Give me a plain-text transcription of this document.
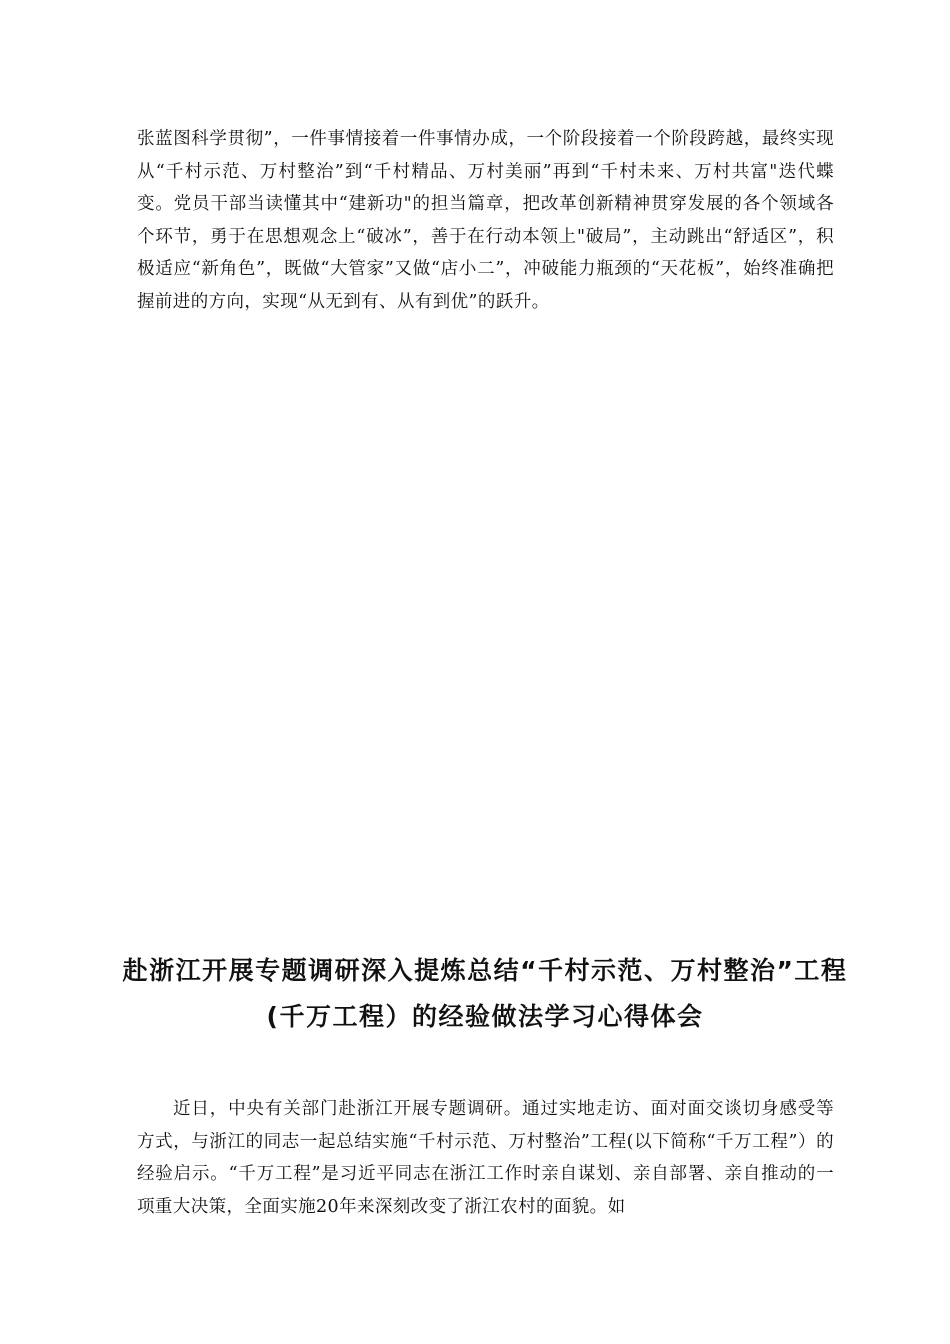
张蓝图科学贯彻”，一件事情接着一件事情办成，一个阶段接着一个阶段跨越，最终实现从“千村示范、万村整治”到“千村精品、万村美丽”再到“千村未来、万村共富"迭代蝶变。党员干部当读懂其中“建新功"的担当篇章，把改革创新精神贯穿发展的各个领域各个环节，勇于在思想观念上“破冰”，善于在行动本领上"破局”，主动跳出“舒适区”，积极适应“新角色”，既做“大管家”又做“店小二”，冲破能力瓶颈的“天花板”，始终准确把握前进的方向，实现“从无到有、从有到优”的跃升。

赴浙江开展专题调研深入提炼总结“千村示范、万村整治”工程(千万工程）的经验做法学习心得体会

近日，中央有关部门赴浙江开展专题调研。通过实地走访、面对面交谈切身感受等方式，与浙江的同志一起总结实施“千村示范、万村整治”工程(以下简称“千万工程”）的经验启示。“千万工程”是习近平同志在浙江工作时亲自谋划、亲自部署、亲自推动的一项重大决策，全面实施20年来深刻改变了浙江农村的面貌。如
